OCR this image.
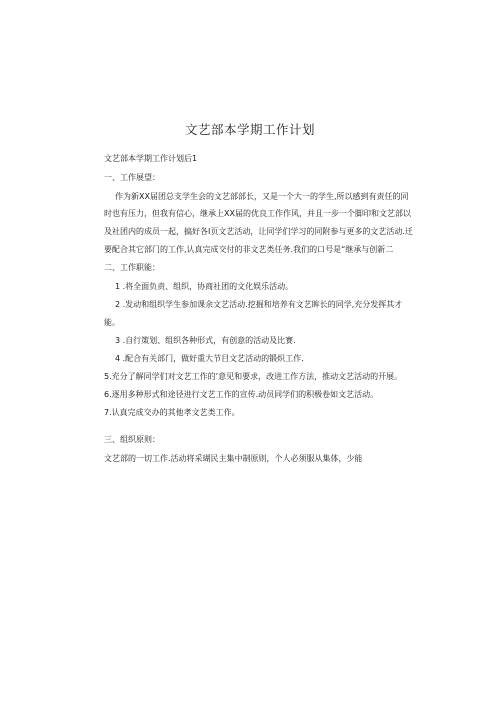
文艺部本学期工作计划
文艺部本学期工作计划后1
一、工作展望：
作为新XX届团总支学生会的文艺部部长，又是一个大一的学生,所以感到有责任的同
时也有压力，但我有信心，继承上XX届的优良工作作风，并且一步一个脚印和文艺部以
及社团内的成员一起，搞好各I页文艺活动，让同学们学习的同附参与更多的文艺活动.迁
要配合其它部门的工作,认真完成交付的非文艺类任务.我们的口号是“继承与创新二
二、工作职能：
1 .将全面负责、组织，协商社团的文化娱乐活动。
2 .发动和组织学生参加课余文艺活动.挖掘和培养有文艺眸长的同学,充分发挥其才
能。
3 .自行策划、组织各种形式，有创意的活动及比赛.
4 .配合有关部门，做好重大节目文艺活动的锻炽工作.
5.充分了解同学们对文艺工作的’意见和要求，改进工作方法，推动文艺活动的开展。
6.逐用多种形式和途径进行文艺工作的宣传.动员同学们的积极卷如文艺活动。
7.认真完成交办的其他孝文艺类工作。
三、组织原则：
文艺部的一切工作.活动将采瑚民主集中制原则，个人必须服从集体，少能
